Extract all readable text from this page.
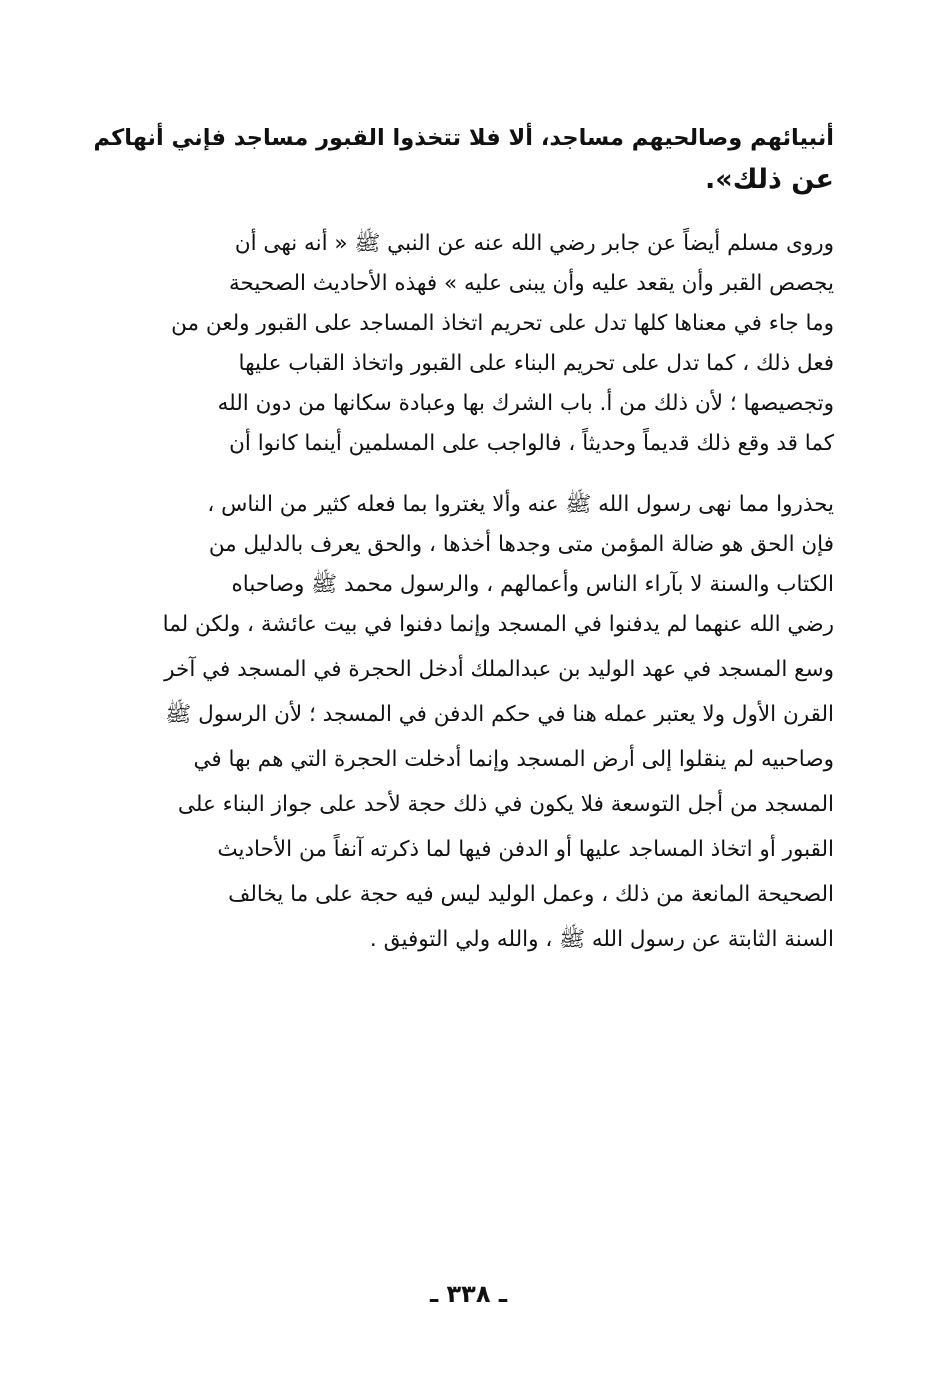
أنبيائهم وصالحيهم مساجد، ألا فلا تتخذوا القبور مساجد فإني أنهاكم
عن ذلك».
وروى مسلم أيضاً عن جابر رضي الله عنه عن النبي ﷺ « أنه نهى أن
يجصص القبر وأن يقعد عليه وأن يبنى عليه » فهذه الأحاديث الصحيحة
وما جاء في معناها كلها تدل على تحريم اتخاذ المساجد على القبور ولعن من
فعل ذلك ، كما تدل على تحريم البناء على القبور واتخاذ القباب عليها
وتجصيصها ؛ لأن ذلك من أ. باب الشرك بها وعبادة سكانها من دون الله
كما قد وقع ذلك قديماً وحديثاً ، فالواجب على المسلمين أينما كانوا أن
يحذروا مما نهى رسول الله ﷺ عنه وألا يغتروا بما فعله كثير من الناس ،
فإن الحق هو ضالة المؤمن متى وجدها أخذها ، والحق يعرف بالدليل من
الكتاب والسنة لا بآراء الناس وأعمالهم ، والرسول محمد ﷺ وصاحباه
رضي الله عنهما لم يدفنوا في المسجد وإنما دفنوا في بيت عائشة ، ولكن لما
وسع المسجد في عهد الوليد بن عبدالملك أدخل الحجرة في المسجد في آخر
القرن الأول ولا يعتبر عمله هنا في حكم الدفن في المسجد ؛ لأن الرسول ﷺ
وصاحبيه لم ينقلوا إلى أرض المسجد وإنما أدخلت الحجرة التي هم بها في
المسجد من أجل التوسعة فلا يكون في ذلك حجة لأحد على جواز البناء على
القبور أو اتخاذ المساجد عليها أو الدفن فيها لما ذكرته آنفاً من الأحاديث
الصحيحة المانعة من ذلك ، وعمل الوليد ليس فيه حجة على ما يخالف
السنة الثابتة عن رسول الله ﷺ ، والله ولي التوفيق .
ـ ٣٣٨ ـ
